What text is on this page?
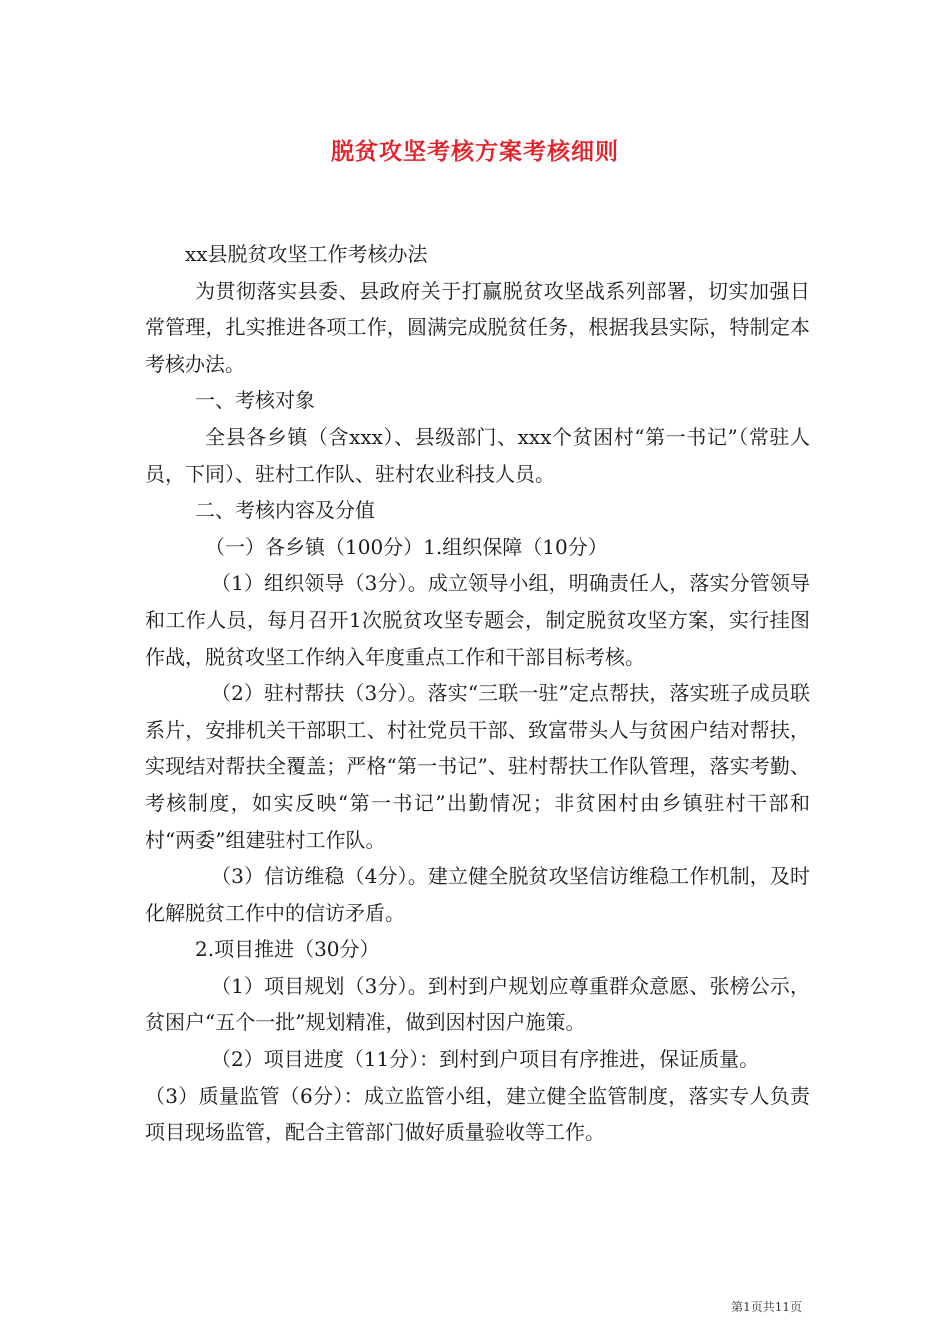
脱贫攻坚考核方案考核细则

xx县脱贫攻坚工作考核办法

为贯彻落实县委、县政府关于打赢脱贫攻坚战系列部署，切实加强日常管理，扎实推进各项工作，圆满完成脱贫任务，根据我县实际，特制定本考核办法。

一、考核对象

全县各乡镇（含xxx）、县级部门、xxx个贫困村“第一书记”（常驻人员，下同）、驻村工作队、驻村农业科技人员。

二、考核内容及分值

（一）各乡镇（100分）1.组织保障（10分）

（1）组织领导（3分）。成立领导小组，明确责任人，落实分管领导和工作人员，每月召开1次脱贫攻坚专题会，制定脱贫攻坚方案，实行挂图作战，脱贫攻坚工作纳入年度重点工作和干部目标考核。

（2）驻村帮扶（3分）。落实“三联一驻”定点帮扶，落实班子成员联系片，安排机关干部职工、村社党员干部、致富带头人与贫困户结对帮扶，实现结对帮扶全覆盖；严格“第一书记”、驻村帮扶工作队管理，落实考勤、考核制度，如实反映“第一书记”出勤情况；非贫困村由乡镇驻村干部和村“两委”组建驻村工作队。

（3）信访维稳（4分）。建立健全脱贫攻坚信访维稳工作机制，及时化解脱贫工作中的信访矛盾。

2.项目推进（30分）

（1）项目规划（3分）。到村到户规划应尊重群众意愿、张榜公示，贫困户“五个一批”规划精准，做到因村因户施策。

（2）项目进度（11分）：到村到户项目有序推进，保证质量。

（3）质量监管（6分）：成立监管小组，建立健全监管制度，落实专人负责项目现场监管，配合主管部门做好质量验收等工作。

第1页共11页
